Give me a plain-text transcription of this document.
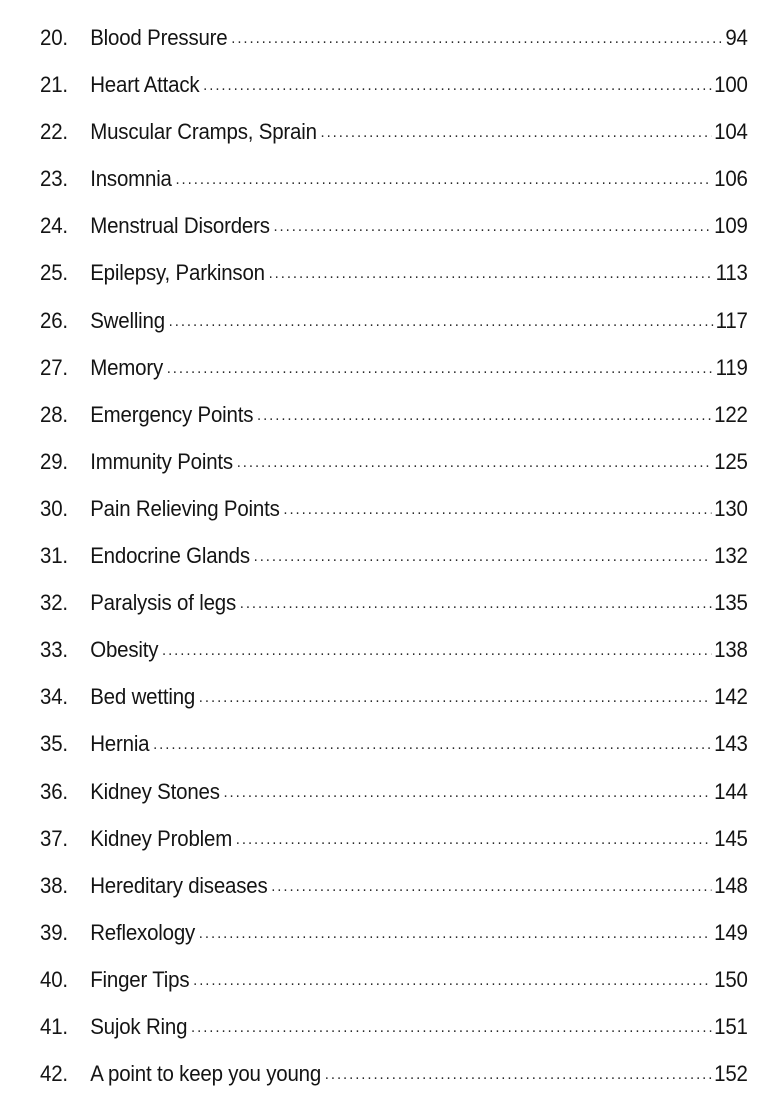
20.	Blood Pressure .....	94
21.	Heart Attack .....	100
22.	Muscular Cramps, Sprain .....	104
23.	Insomnia .....	106
24.	Menstrual Disorders .....	109
25.	Epilepsy, Parkinson .....	113
26.	Swelling .....	117
27.	Memory .....	119
28.	Emergency Points .....	122
29.	Immunity Points .....	125
30.	Pain Relieving Points .....	130
31.	Endocrine Glands .....	132
32.	Paralysis of legs .....	135
33.	Obesity .....	138
34.	Bed wetting .....	142
35.	Hernia .....	143
36.	Kidney Stones .....	144
37.	Kidney Problem .....	145
38.	Hereditary diseases .....	148
39.	Reflexology .....	149
40.	Finger Tips .....	150
41.	Sujok Ring .....	151
42.	A point to keep you young .....	152
